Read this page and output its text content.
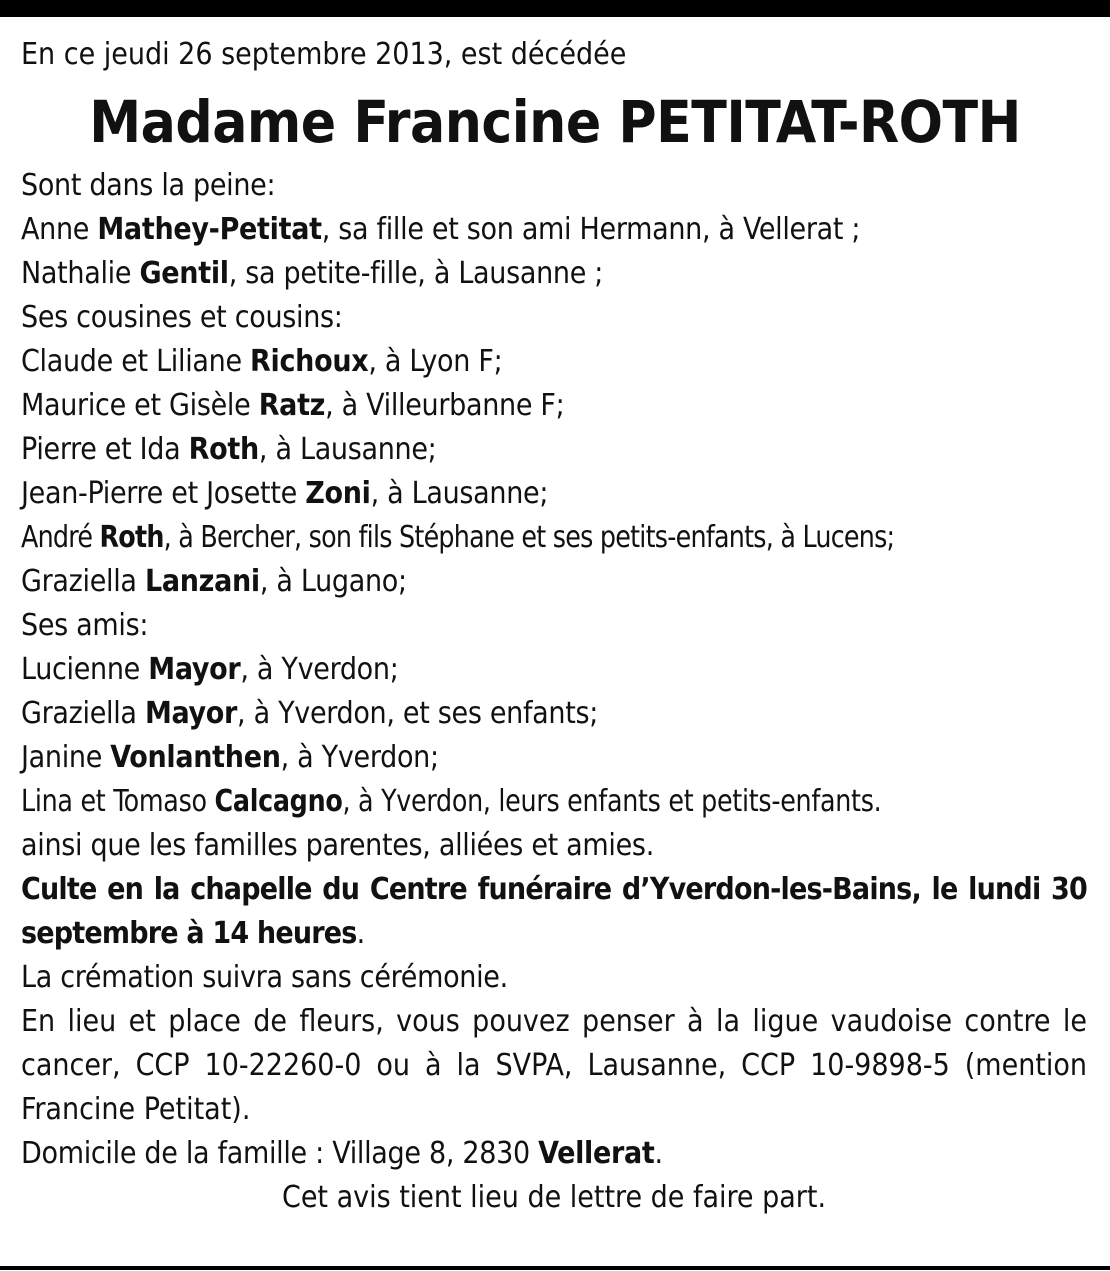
En ce jeudi 26 septembre 2013, est décédée
Madame Francine PETITAT-ROTH
Sont dans la peine:
Anne Mathey-Petitat, sa fille et son ami Hermann, à Vellerat ;
Nathalie Gentil, sa petite-fille, à Lausanne ;
Ses cousines et cousins:
Claude et Liliane Richoux, à Lyon F;
Maurice et Gisèle Ratz, à Villeurbanne F;
Pierre et Ida Roth, à Lausanne;
Jean-Pierre et Josette Zoni, à Lausanne;
André Roth, à Bercher, son fils Stéphane et ses petits-enfants, à Lucens;
Graziella Lanzani, à Lugano;
Ses amis:
Lucienne Mayor, à Yverdon;
Graziella Mayor, à Yverdon, et ses enfants;
Janine Vonlanthen, à Yverdon;
Lina et Tomaso Calcagno, à Yverdon, leurs enfants et petits-enfants.
ainsi que les familles parentes, alliées et amies.
Culte en la chapelle du Centre funéraire d’Yverdon-les-Bains, le lundi 30 septembre à 14 heures.
La crémation suivra sans cérémonie.
En lieu et place de fleurs, vous pouvez penser à la ligue vaudoise contre le cancer, CCP 10-22260-0 ou à la SVPA, Lausanne, CCP 10-9898-5 (mention Francine Petitat).
Domicile de la famille : Village 8, 2830 Vellerat.
Cet avis tient lieu de lettre de faire part.
